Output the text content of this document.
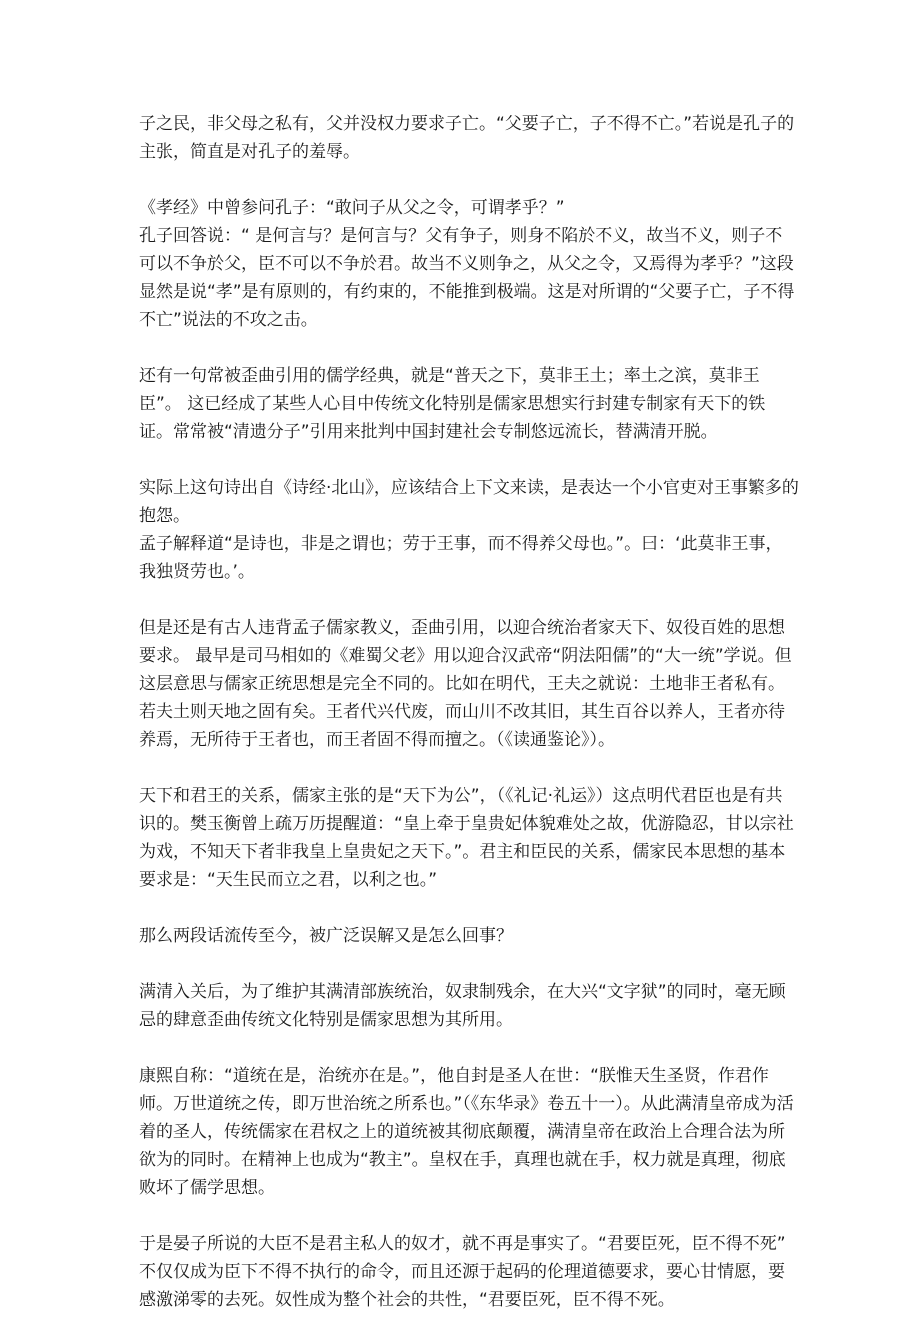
子之民，非父母之私有，父并没权力要求子亡。“父要子亡，子不得不亡。”若说是孔子的主张，简直是对孔子的羞辱。

《孝经》中曾参问孔子：“敢问子从父之令，可谓孝乎？”

孔子回答说：“ 是何言与？是何言与？父有争子，则身不陷於不义，故当不义，则子不可以不争於父，臣不可以不争於君。故当不义则争之，从父之令，又焉得为孝乎？”这段显然是说“孝”是有原则的，有约束的，不能推到极端。这是对所谓的“父要子亡，子不得不亡”说法的不攻之击。

还有一句常被歪曲引用的儒学经典，就是“普天之下，莫非王土；率土之滨，莫非王臣”。 这已经成了某些人心目中传统文化特别是儒家思想实行封建专制家有天下的铁证。常常被“清遗分子”引用来批判中国封建社会专制悠远流长，替满清开脱。

实际上这句诗出自《诗经·北山》，应该结合上下文来读，是表达一个小官吏对王事繁多的抱怨。

孟子解释道“是诗也，非是之谓也；劳于王事，而不得养父母也。”。曰：‘此莫非王事，我独贤劳也。’。

但是还是有古人违背孟子儒家教义，歪曲引用，以迎合统治者家天下、奴役百姓的思想要求。 最早是司马相如的《难蜀父老》用以迎合汉武帝“阴法阳儒”的“大一统”学说。但这层意思与儒家正统思想是完全不同的。比如在明代，王夫之就说：土地非王者私有。若夫土则天地之固有矣。王者代兴代废，而山川不改其旧，其生百谷以养人，王者亦待养焉，无所待于王者也，而王者固不得而擅之。（《读通鉴论》）。

天下和君王的关系，儒家主张的是“天下为公”，（《礼记·礼运》）这点明代君臣也是有共识的。樊玉衡曾上疏万历提醒道：“皇上牵于皇贵妃体貌难处之故，优游隐忍，甘以宗社为戏，不知天下者非我皇上皇贵妃之天下。”。君主和臣民的关系，儒家民本思想的基本要求是：“天生民而立之君，以利之也。”

那么两段话流传至今，被广泛误解又是怎么回事？

满清入关后，为了维护其满清部族统治，奴隶制残余，在大兴“文字狱”的同时，毫无顾忌的肆意歪曲传统文化特别是儒家思想为其所用。

康熙自称：“道统在是，治统亦在是。”，他自封是圣人在世：“朕惟天生圣贤，作君作师。万世道统之传，即万世治统之所系也。”（《东华录》卷五十一）。从此满清皇帝成为活着的圣人，传统儒家在君权之上的道统被其彻底颠覆，满清皇帝在政治上合理合法为所欲为的同时。在精神上也成为“教主”。皇权在手，真理也就在手，权力就是真理，彻底败坏了儒学思想。

于是晏子所说的大臣不是君主私人的奴才，就不再是事实了。“君要臣死，臣不得不死” 不仅仅成为臣下不得不执行的命令，而且还源于起码的伦理道德要求，要心甘情愿，要感激涕零的去死。奴性成为整个社会的共性，“君要臣死，臣不得不死。
